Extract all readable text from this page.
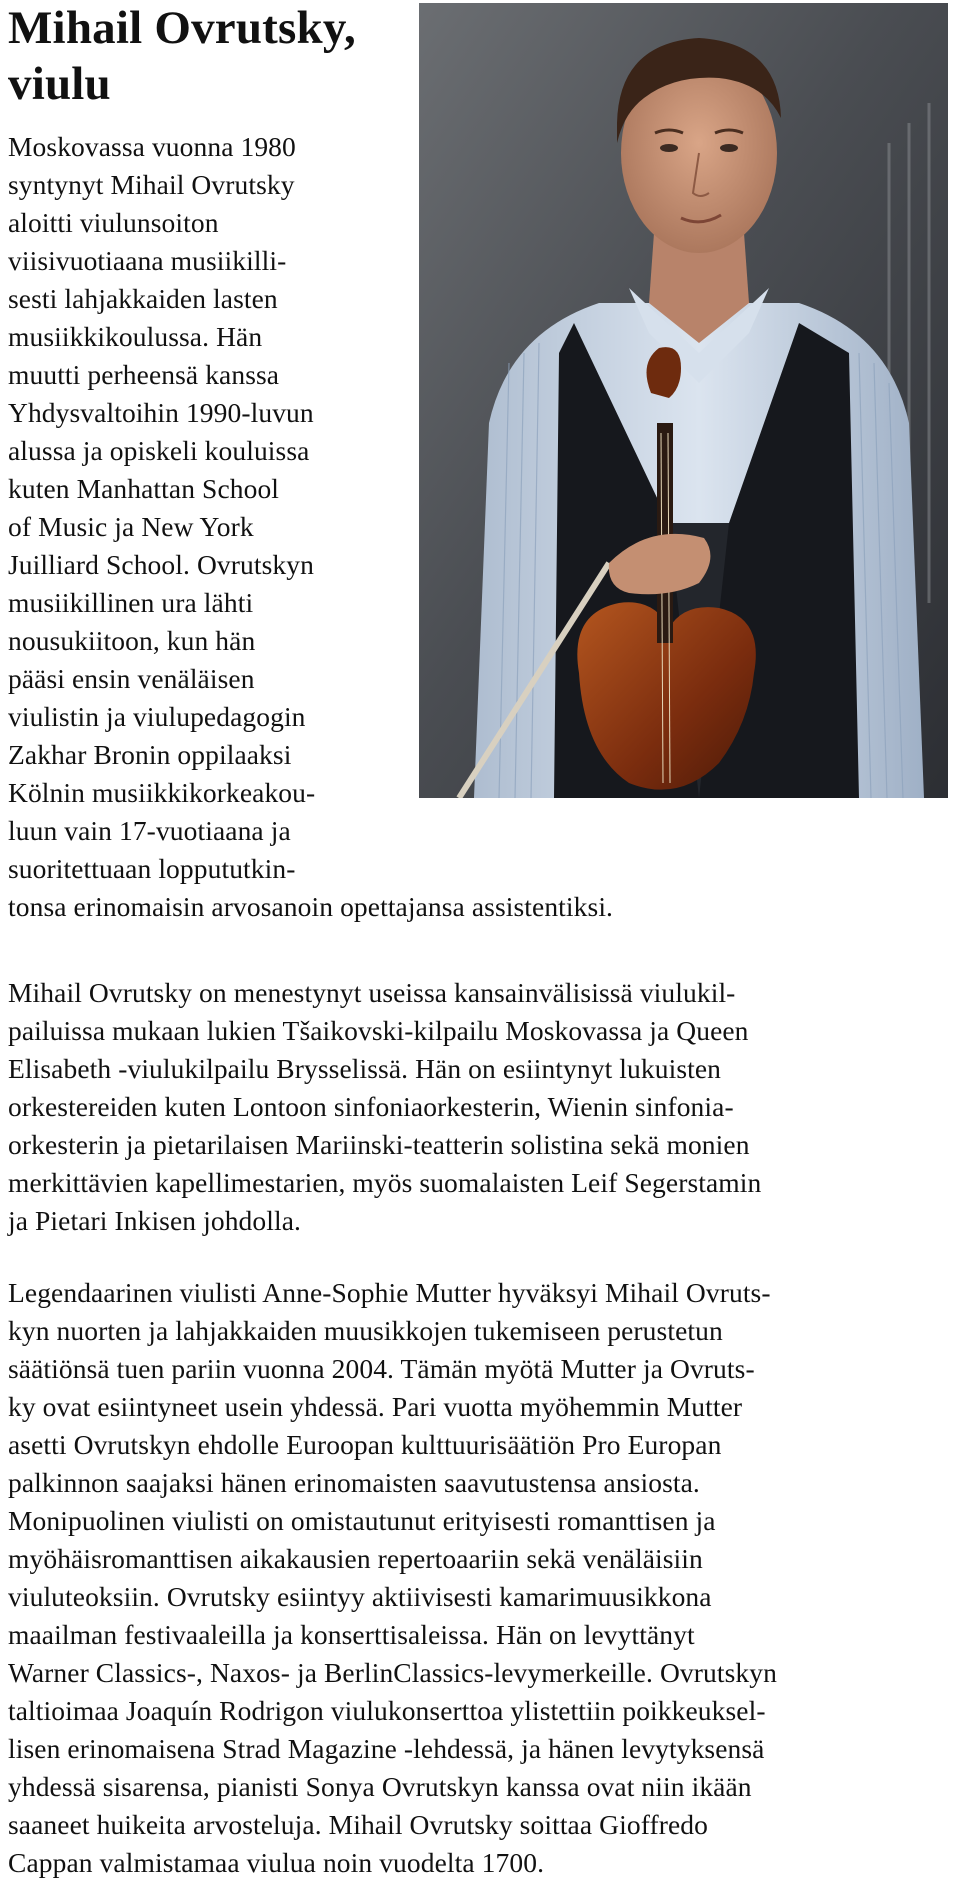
Mihail Ovrutsky,
viulu

Moskovassa vuonna 1980

syntynyt Mihail Ovrutsky

aloitti viulunsoiton

viisivuotiaana musiikilli-

sesti lahjakkaiden lasten

musiikkikoulussa. Hän

muutti perheensä kanssa

Yhdysvaltoihin 1990-luvun

alussa ja opiskeli kouluissa

kuten Manhattan School

of Music ja New York

Juilliard School. Ovrutskyn

musiikillinen ura lähti

nousukiitoon, kun hän

pääsi ensin venäläisen

viulistin ja viulupedagogin

Zakhar Bronin oppilaaksi

Kölnin musiikkikorkeakou-

luun vain 17-vuotiaana ja

suoritettuaan loppututkin-

tonsa erinomaisin arvosanoin opettajansa assistentiksi.

Mihail Ovrutsky on menestynyt useissa kansainvälisissä viulukil-

pailuissa mukaan lukien Tšaikovski-kilpailu Moskovassa ja Queen

Elisabeth -viulukilpailu Brysselissä. Hän on esiintynyt lukuisten

orkestereiden kuten Lontoon sinfoniaorkesterin, Wienin sinfonia-

orkesterin ja pietarilaisen Mariinski-teatterin solistina sekä monien

merkittävien kapellimestarien, myös suomalaisten Leif Segerstamin

ja Pietari Inkisen johdolla.

Legendaarinen viulisti Anne-Sophie Mutter hyväksyi Mihail Ovruts-

kyn nuorten ja lahjakkaiden muusikkojen tukemiseen perustetun

säätiönsä tuen pariin vuonna 2004. Tämän myötä Mutter ja Ovruts-

ky ovat esiintyneet usein yhdessä. Pari vuotta myöhemmin Mutter

asetti Ovrutskyn ehdolle Euroopan kulttuurisäätiön Pro Europan

palkinnon saajaksi hänen erinomaisten saavutustensa ansiosta.

Monipuolinen viulisti on omistautunut erityisesti romanttisen ja

myöhäisromanttisen aikakausien repertoaariin sekä venäläisiin

viuluteoksiin. Ovrutsky esiintyy aktiivisesti kamarimuusikkona

maailman festivaaleilla ja konserttisaleissa. Hän on levyttänyt

Warner Classics-, Naxos- ja BerlinClassics-levymerkeille. Ovrutskyn

taltioimaa Joaquín Rodrigon viulukonserttoa ylistettiin poikkeuksel-

lisen erinomaisena Strad Magazine -lehdessä, ja hänen levytyksensä

yhdessä sisarensa, pianisti Sonya Ovrutskyn kanssa ovat niin ikään

saaneet huikeita arvosteluja. Mihail Ovrutsky soittaa Gioffredo

Cappan valmistamaa viulua noin vuodelta 1700.
